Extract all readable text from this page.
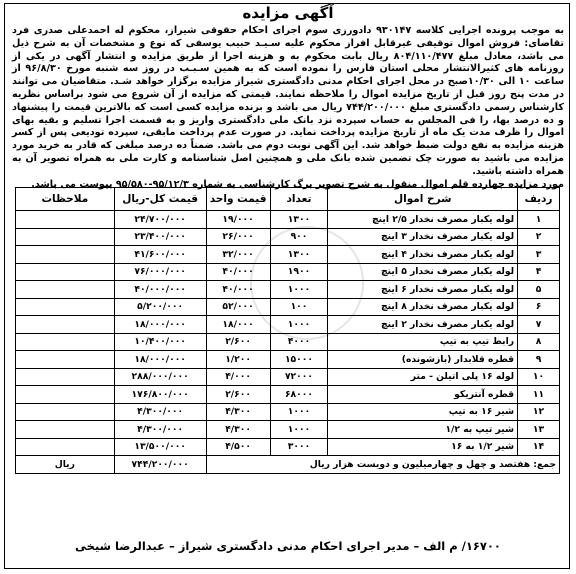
آگهی مزایده

به موجب پرونده اجرایی کلاسه ۹۳۰۱۴۷ دادورزی سوم اجرای احکام حقوقی شیراز، محکوم له احمدعلی صدری فرد تقاضای: فروش اموال توقیفی غیرقابل افراز محکوم علیه سـیـد حبیب یوسفی که نوع و مشخصات آن به شرح ذیل می باشد، معادل مبلغ ۸۰۴/۱۱۰/۴۷۷ ریال بابت محکوم به و هزینه اجرا از طریق مزایده و انتشار آگهی در یکی از روزنامه های کثیرالانتشار محلی استان فارس را نموده است که به همین سـبـب در روز سه شنبه مورخ ۹۶/۸/۳۰ از ساعت ۱۰ الی ۱۰/۳۰صبح در محل اجرای احکام مدنی دادگستری شیراز مزایده برگزار خواهد شـد. متقاضیان می توانند در مدت پنج روز قبل از تاریخ مزایده اموال را ملاحظه نمایند. قیمتی که مزایده از آن شروع می شود براساس نظریه کارشناس رسمی دادگستری مبلغ ۷۴۴/۲۰۰/۰۰۰ ریال می باشد و برنده مزایده کسی است که بالاترین قیمت را پیشنهاد و ده درصد بها، را فی المجلس به حساب سپرده نزد بانک ملی دادگستری واریز و به قسمت اجرا تسلیم و بقیه بهای اموال را ظرف مدت یک ماه از تاریخ مزایده پرداخت نماید. در صورت عدم پرداخت مابقی، سپرده تودیعی پس از کسر هزینه مزایده به نفع دولت ضبط خواهد شد. این آگهی نوبت دوم می باشد. ضمناً ده درصد مبلغی که قادر به خرید مورد مزایده می باشید به صورت چک تضمین شده بانک ملی و همچنین اصل شناسنامه و کارت ملی به همراه تصویر آن به همراه داشته باشید.

مورد مزایده چهارده قلم اموال منقول به شرح تصویر برگ کارشناسی به شماره ۹۵/۱۲/۳-۹۵/۵۸۰ پیوست می باشد.

ردیف	شرح اموال	تعداد	قیمت واحد	قیمت کل-ریال	ملاحظات
۱	لوله یکبار مصرف نخدار ۲/۵ اینچ	۱۳۰۰	۱۹/۰۰۰	۲۴/۷۰۰/۰۰۰	
۲	لوله یکبار مصرف نخدار ۳ اینچ	۹۰۰	۲۶/۰۰۰	۲۳/۴۰۰/۰۰۰	
۳	لوله یکبار مصرف نخدار ۴ اینچ	۱۳۰۰	۳۲/۰۰۰	۴۱/۶۰۰/۰۰۰	
۴	لوله یکبار مصرف نخدار ۵ اینچ	۱۹۰۰	۴۰/۰۰۰	۷۶/۰۰۰/۰۰۰	
۵	لوله یکبار مصرف نخدار ۶ اینچ	۱۰۰۰	۴۰/۰۰۰	۴۰/۰۰۰/۰۰۰	
۶	لوله یکبار مصرف نخدار ۸ اینچ	۱۰۰	۵۲/۰۰۰	۵/۲۰۰/۰۰۰	
۷	لوله یکبار مصرف نخدار ۲ اینچ	۱۰۰۰	۱۸/۰۰۰	۱۸/۰۰۰/۰۰۰	
۸	رابط تیپ به تیپ	۴۰۰۰	۲/۶۰۰	۱۰/۴۰۰/۰۰۰	
۹	قطره قلابدار (بازشونده)	۱۵۰۰۰	۱/۲۰۰	۱۸/۰۰۰/۰۰۰	
۱۰	لوله ۱۶ پلی اتیلن - متر	۷۲۰۰۰	۴/۰۰۰	۲۸۸/۰۰۰/۰۰۰	
۱۱	قطره آنتریکو	۶۸۰۰۰	۲/۶۰۰	۱۷۶/۸۰۰/۰۰۰	
۱۲	شیر ۱۶ به تیپ	۱۰۰۰	۴/۳۰۰	۴/۳۰۰/۰۰۰	
۱۳	شیر تیپ به ۱/۲	۱۰۰۰	۴/۳۰۰	۴/۳۰۰/۰۰۰	
۱۴	شیر ۱/۲ به ۱۶	۳۰۰۰	۴/۵۰۰	۱۳/۵۰۰/۰۰۰	
جمع: هفتصد و چهل و چهارمیلیون و دویست هزار ریال				۷۴۴/۲۰۰/۰۰۰	ریال
۱۶۷۰۰/ م الف – مدیر اجرای احکام مدنی دادگستری شیراز – عبدالرضا شیخی
